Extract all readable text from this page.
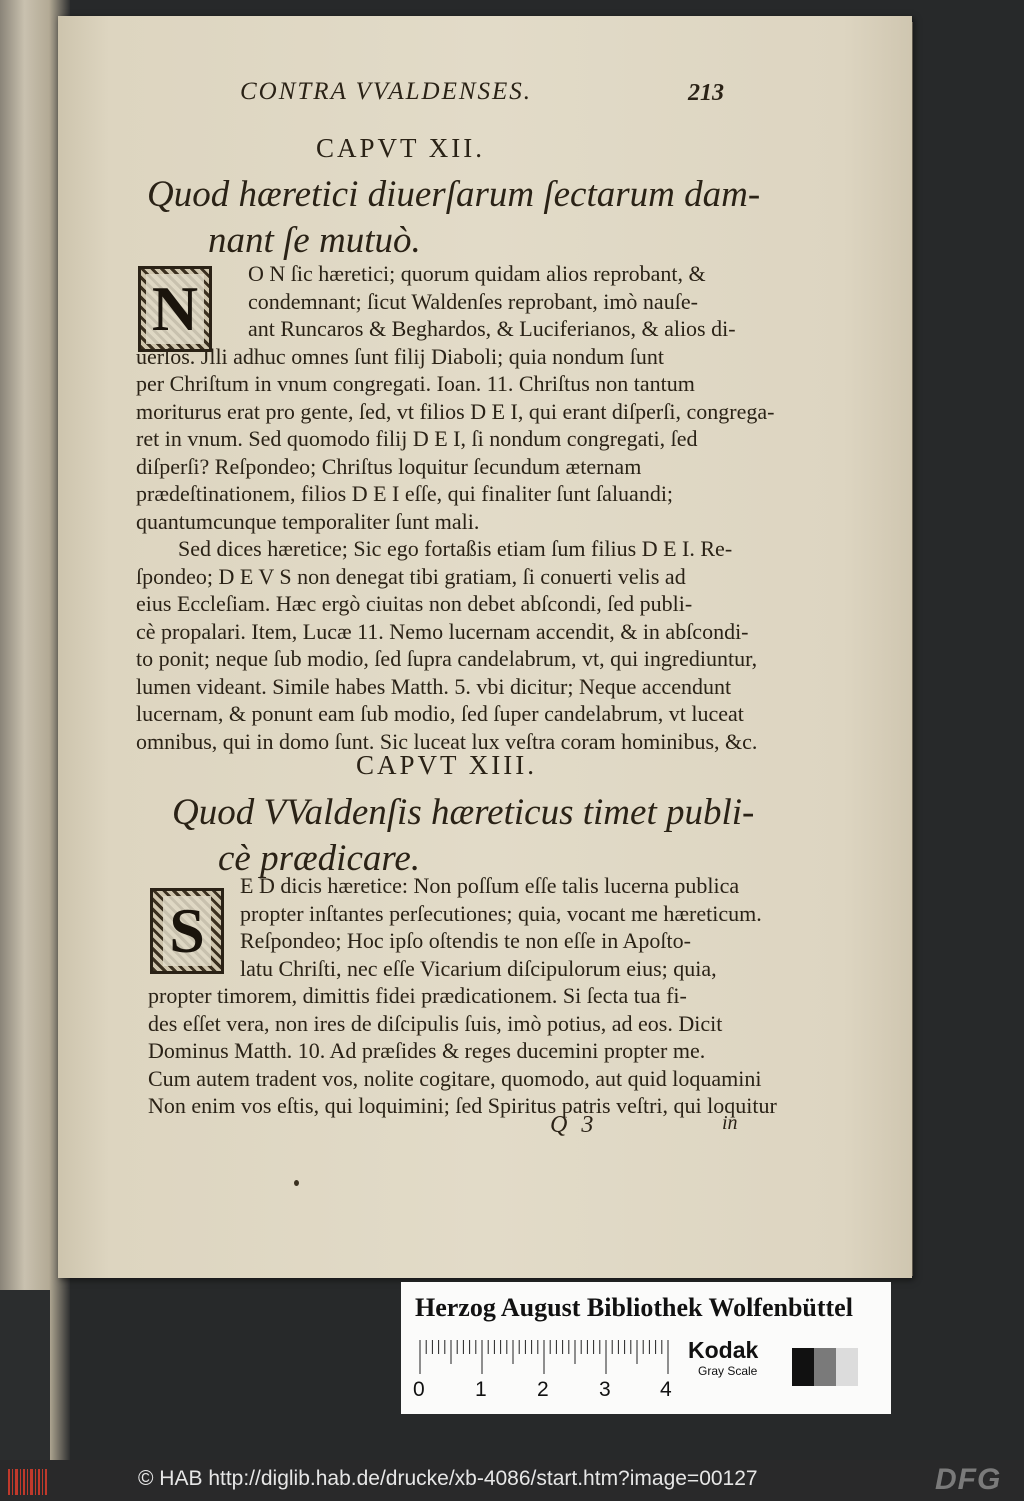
CONTRA VVALDENSES.	213
CAPVT XII.
Quod hæretici diuerſarum ſectarum dam-
nant ſe mutuò.
N O N ſic hæretici; quorum quidam alios reprobant, &
condemnant; ſicut Waldenſes reprobant, imò nauſe-
ant Runcaros & Beghardos, & Luciferianos, & alios di-
uerſos. Jlli adhuc omnes ſunt filij Diaboli; quia nondum ſunt
per Chriſtum in vnum congregati. Ioan. 11. Chriſtus non tantum
moriturus erat pro gente, ſed, vt filios D E I, qui erant diſperſi, congrega-
ret in vnum. Sed quomodo filij D E I, ſi nondum congregati, ſed
diſperſi? Reſpondeo; Chriſtus loquitur ſecundum æternam
prædeſtinationem, filios D E I eſſe, qui finaliter ſunt ſaluandi;
quantumcunque temporaliter ſunt mali.
Sed dices hæretice; Sic ego fortaßis etiam ſum filius D E I. Re-
ſpondeo; D E V S non denegat tibi gratiam, ſi conuerti velis ad
eius Eccleſiam. Hæc ergò ciuitas non debet abſcondi, ſed publi-
cè propalari. Item, Lucæ 11. Nemo lucernam accendit, & in abſcondi-
to ponit; neque ſub modio, ſed ſupra candelabrum, vt, qui ingrediuntur,
lumen videant. Simile habes Matth. 5. vbi dicitur; Neque accendunt
lucernam, & ponunt eam ſub modio, ſed ſuper candelabrum, vt luceat
omnibus, qui in domo ſunt. Sic luceat lux veſtra coram hominibus, &c.
CAPVT XIII.
Quod VValdenſis hæreticus timet publi-
cè prædicare.
S
E D dicis hæretice: Non poſſum eſſe talis lucerna publica
propter inſtantes perſecutiones; quia, vocant me hæreticum.
Reſpondeo; Hoc ipſo oſtendis te non eſſe in Apoſto-
latu Chriſti, nec eſſe Vicarium diſcipulorum eius; quia,
propter timorem, dimittis fidei prædicationem. Si ſecta tua fi-
des eſſet vera, non ires de diſcipulis ſuis, imò potius, ad eos. Dicit
Dominus Matth. 10. Ad præſides & reges ducemini propter me.
Cum autem tradent vos, nolite cogitare, quomodo, aut quid loquamini
Non enim vos eſtis, qui loquimini; ſed Spiritus patris veſtri, qui loquitur
Q 3	in
Herzog August Bibliothek Wolfenbüttel
0 1 2 3 4
Kodak
Gray Scale
© HAB http://diglib.hab.de/drucke/xb-4086/start.htm?image=00127	DFG
